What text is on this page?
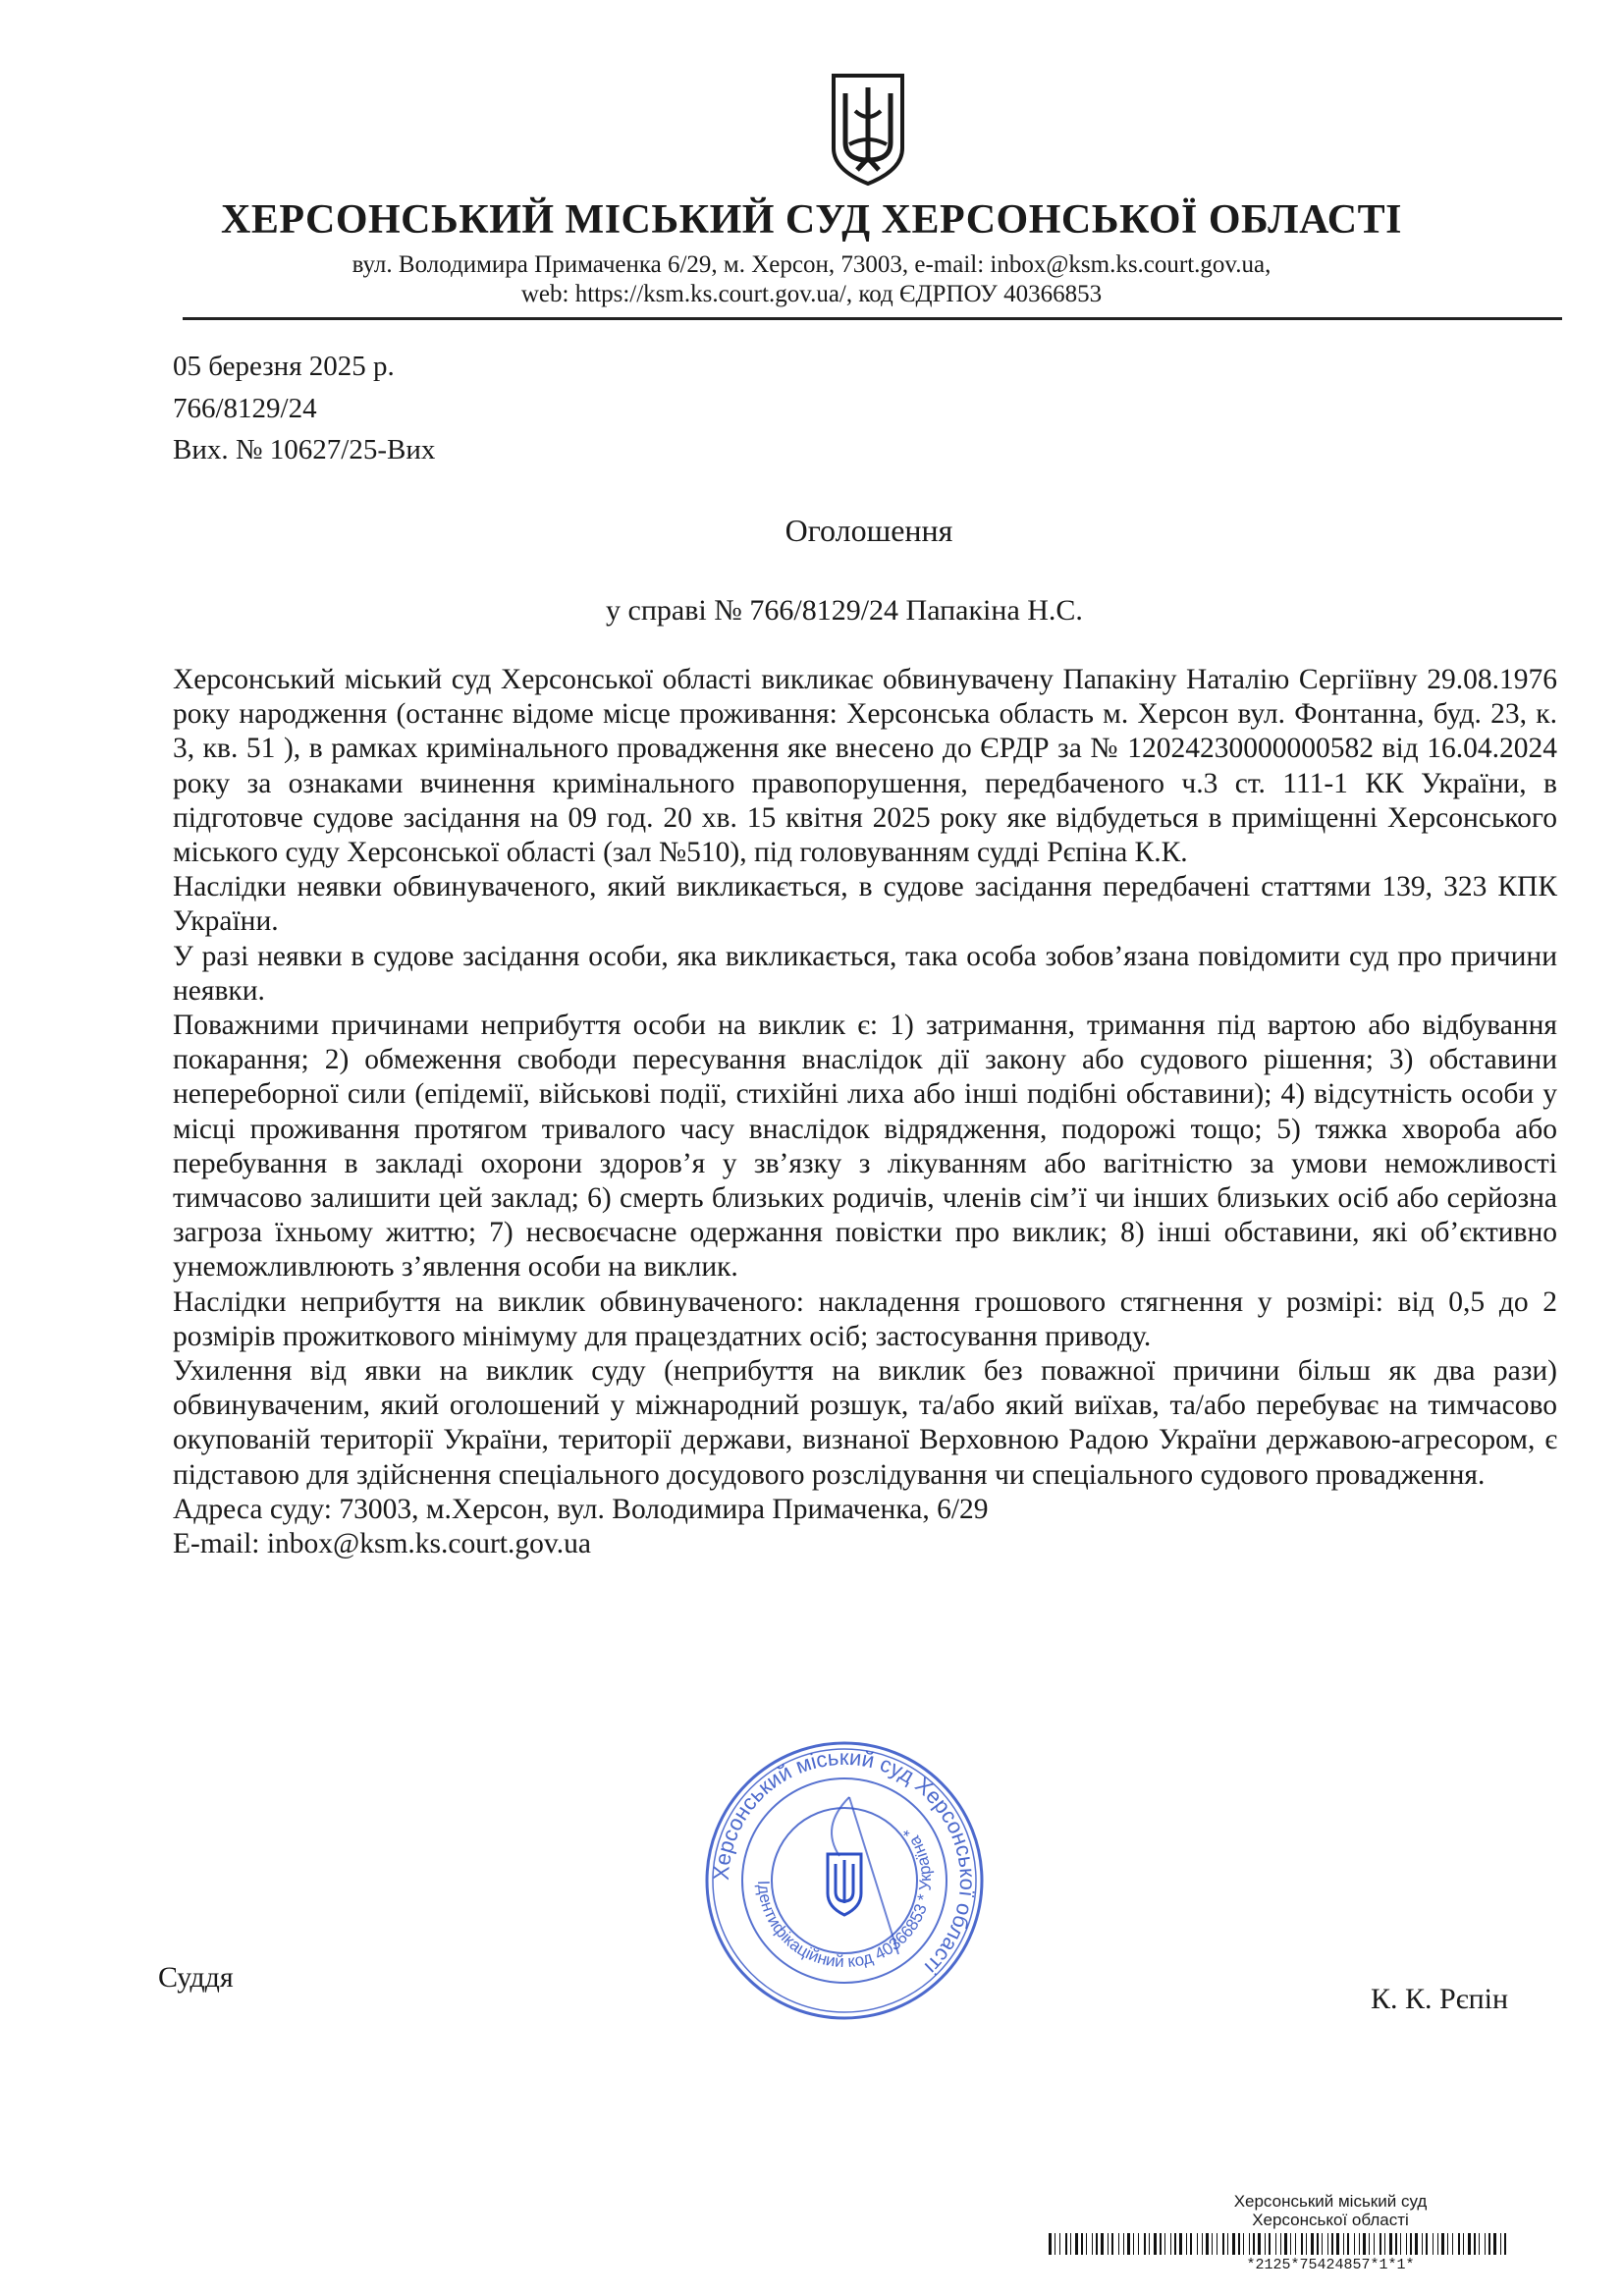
ХЕРСОНСЬКИЙ МІСЬКИЙ СУД ХЕРСОНСЬКОЇ ОБЛАСТІ
вул. Володимира Примаченка 6/29, м. Херсон, 73003, e-mail: inbox@ksm.ks.court.gov.ua,
web: https://ksm.ks.court.gov.ua/, код ЄДРПОУ 40366853
05 березня 2025 р.
766/8129/24
Вих. № 10627/25-Вих
Оголошення
у справі № 766/8129/24 Папакіна Н.С.

Херсонський міський суд Херсонської області викликає обвинувачену Папакіну Наталію Сергіївну 29.08.1976 року народження (останнє відоме місце проживання: Херсонська область м. Херсон вул. Фонтанна, буд. 23, к. 3, кв. 51 ), в рамках кримінального провадження яке внесено до ЄРДР за № 12024230000000582 від 16.04.2024 року за ознаками вчинення кримінального правопорушення, передбаченого ч.3 ст. 111-1 КК України, в підготовче судове засідання на 09 год. 20 хв. 15 квітня 2025 року яке відбудеться в приміщенні Херсонського міського суду Херсонської області (зал №510), під головуванням судді Рєпіна К.К.

Наслідки неявки обвинуваченого, який викликається, в судове засідання передбачені статтями 139, 323 КПК України.

У разі неявки в судове засідання особи, яка викликається, така особа зобов’язана повідомити суд про причини неявки.

Поважними причинами неприбуття особи на виклик є: 1) затримання, тримання під вартою або відбування покарання; 2) обмеження свободи пересування внаслідок дії закону або судового рішення; 3) обставини непереборної сили (епідемії, військові події, стихійні лиха або інші подібні обставини); 4) відсутність особи у місці проживання протягом тривалого часу внаслідок відрядження, подорожі тощо; 5) тяжка хвороба або перебування в закладі охорони здоров’я у зв’язку з лікуванням або вагітністю за умови неможливості тимчасово залишити цей заклад; 6) смерть близьких родичів, членів сім’ї чи інших близьких осіб або серйозна загроза їхньому життю; 7) несвоєчасне одержання повістки про виклик; 8) інші обставини, які об’єктивно унеможливлюють з’явлення особи на виклик.

Наслідки неприбуття на виклик обвинуваченого: накладення грошового стягнення у розмірі: від 0,5 до 2 розмірів прожиткового мінімуму для працездатних осіб; застосування приводу.

Ухилення від явки на виклик суду (неприбуття на виклик без поважної причини більш як два рази) обвинуваченим, який оголошений у міжнародний розшук, та/або який виїхав, та/або перебуває на тимчасово окупованій території України, території держави, визнаної Верховною Радою України державою-агресором, є підставою для здійснення спеціального досудового розслідування чи спеціального судового провадження.

Адреса суду: 73003, м.Херсон, вул. Володимира Примаченка, 6/29

E-mail: inbox@ksm.ks.court.gov.ua

Херсонський міський суд Херсонської області
Ідентифікаційний код 40366853 * Україна *
Суддя
К. К. Рєпін
Херсонський міський суд
Херсонської області
*2125*75424857*1*1*
